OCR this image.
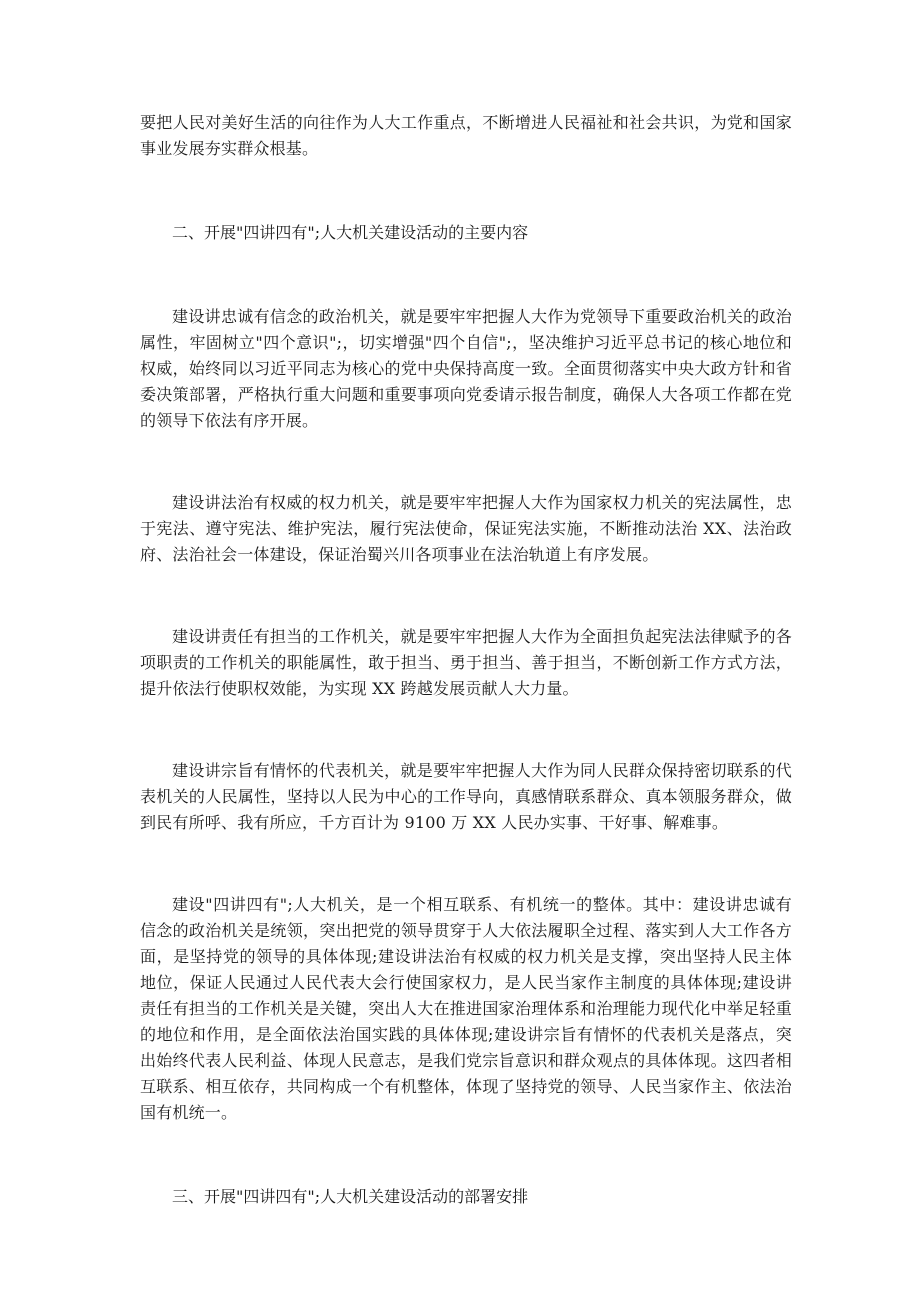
要把人民对美好生活的向往作为人大工作重点，不断增进人民福祉和社会共识，为党和国家事业发展夯实群众根基。

二、开展"四讲四有";人大机关建设活动的主要内容

建设讲忠诚有信念的政治机关，就是要牢牢把握人大作为党领导下重要政治机关的政治属性，牢固树立"四个意识";，切实增强"四个自信";，坚决维护习近平总书记的核心地位和权威，始终同以习近平同志为核心的党中央保持高度一致。全面贯彻落实中央大政方针和省委决策部署，严格执行重大问题和重要事项向党委请示报告制度，确保人大各项工作都在党的领导下依法有序开展。

建设讲法治有权威的权力机关，就是要牢牢把握人大作为国家权力机关的宪法属性，忠于宪法、遵守宪法、维护宪法，履行宪法使命，保证宪法实施，不断推动法治 XX、法治政府、法治社会一体建设，保证治蜀兴川各项事业在法治轨道上有序发展。

建设讲责任有担当的工作机关，就是要牢牢把握人大作为全面担负起宪法法律赋予的各项职责的工作机关的职能属性，敢于担当、勇于担当、善于担当，不断创新工作方式方法，提升依法行使职权效能，为实现 XX 跨越发展贡献人大力量。

建设讲宗旨有情怀的代表机关，就是要牢牢把握人大作为同人民群众保持密切联系的代表机关的人民属性，坚持以人民为中心的工作导向，真感情联系群众、真本领服务群众，做到民有所呼、我有所应，千方百计为 9100 万 XX 人民办实事、干好事、解难事。

建设"四讲四有";人大机关，是一个相互联系、有机统一的整体。其中：建设讲忠诚有信念的政治机关是统领，突出把党的领导贯穿于人大依法履职全过程、落实到人大工作各方面，是坚持党的领导的具体体现;建设讲法治有权威的权力机关是支撑，突出坚持人民主体地位，保证人民通过人民代表大会行使国家权力，是人民当家作主制度的具体体现;建设讲责任有担当的工作机关是关键，突出人大在推进国家治理体系和治理能力现代化中举足轻重的地位和作用，是全面依法治国实践的具体体现;建设讲宗旨有情怀的代表机关是落点，突出始终代表人民利益、体现人民意志，是我们党宗旨意识和群众观点的具体体现。这四者相互联系、相互依存，共同构成一个有机整体，体现了坚持党的领导、人民当家作主、依法治国有机统一。

三、开展"四讲四有";人大机关建设活动的部署安排
